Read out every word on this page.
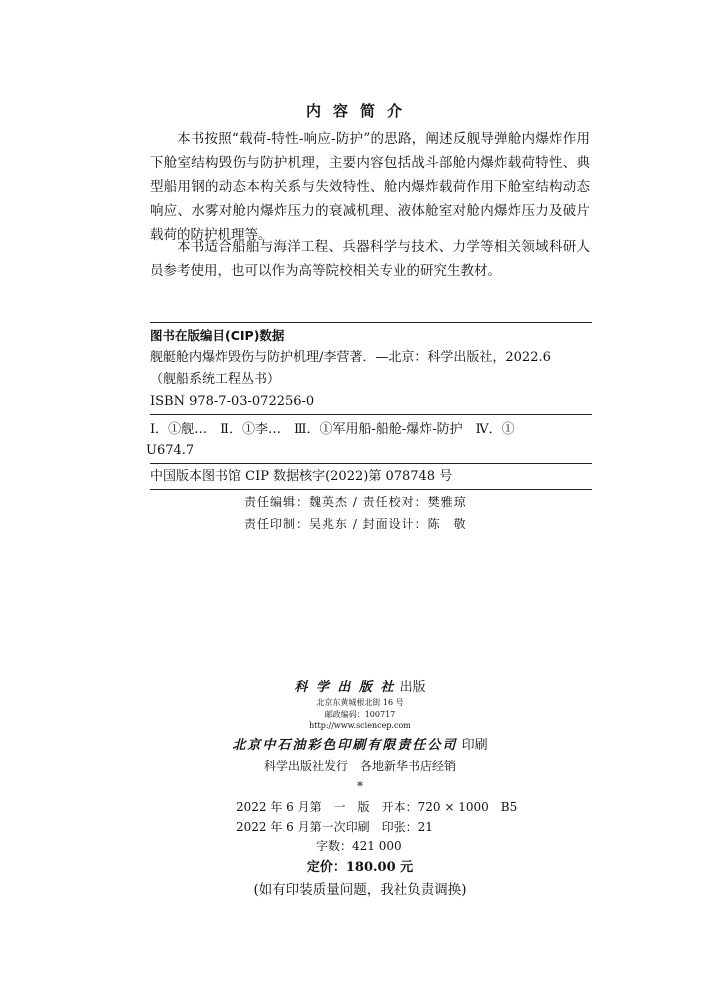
内容简介

本书按照“载荷-特性-响应-防护”的思路，阐述反舰导弹舱内爆炸作用下舱室结构毁伤与防护机理，主要内容包括战斗部舱内爆炸载荷特性、典型船用钢的动态本构关系与失效特性、舱内爆炸载荷作用下舱室结构动态响应、水雾对舱内爆炸压力的衰减机理、液体舱室对舱内爆炸压力及破片载荷的防护机理等。

本书适合船舶与海洋工程、兵器科学与技术、力学等相关领域科研人员参考使用，也可以作为高等院校相关专业的研究生教材。

图书在版编目(CIP)数据
舰艇舱内爆炸毁伤与防护机理/李营著．—北京：科学出版社，2022.6
（舰船系统工程丛书）
ISBN 978-7-03-072256-0
Ⅰ．①舰…　Ⅱ．①李…　Ⅲ．①军用船-船舱-爆炸-防护　Ⅳ．①
U674.7
中国版本图书馆 CIP 数据核字(2022)第 078748 号
责任编辑：魏英杰 / 责任校对：樊雅琼
责任印制：吴兆东 / 封面设计：陈　敬
科 学 出 版 社 出版
北京东黄城根北街 16 号
邮政编码：100717
http://www.sciencep.com
北京中石油彩色印刷有限责任公司 印刷
科学出版社发行　各地新华书店经销
*
2022 年 6 月第　一　版　开本：720 × 1000　B5
2022 年 6 月第一次印刷　印张：21
字数：421 000
定价：180.00 元
(如有印装质量问题，我社负责调换)
